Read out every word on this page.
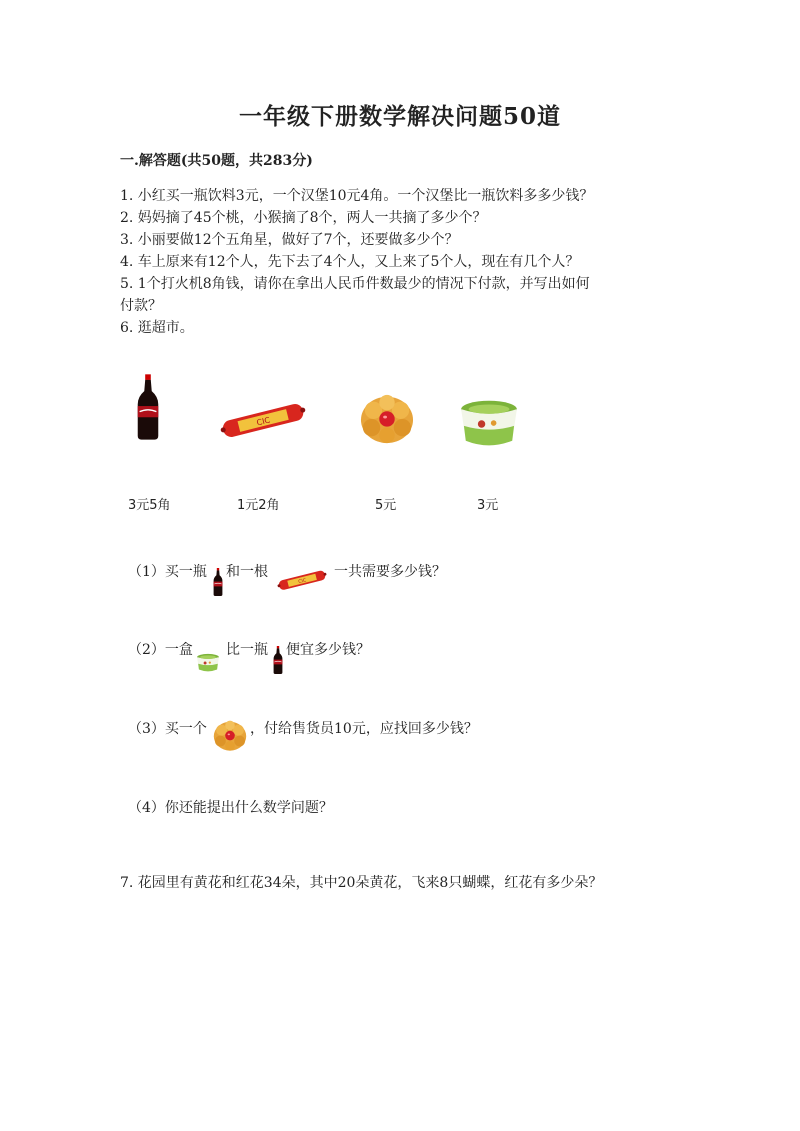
一年级下册数学解决问题50道
一.解答题(共50题，共283分)
1. 小红买一瓶饮料3元，一个汉堡10元4角。一个汉堡比一瓶饮料多多少钱？
2. 妈妈摘了45个桃，小猴摘了8个，两人一共摘了多少个？
3. 小丽要做12个五角星，做好了7个，还要做多少个？
4. 车上原来有12个人，先下去了4个人，又上来了5个人，现在有几个人？
5. 1个打火机8角钱，请你在拿出人民币件数最少的情况下付款，并写出如何
付款？
6. 逛超市。
3元5角	1元2角	5元	3元
（1）买一瓶 和一根	一共需要多少钱？
（2）一盒 比一瓶 便宜多少钱？
（3）买一个	，付给售货员10元，应找回多少钱？
（4）你还能提出什么数学问题？
7. 花园里有黄花和红花34朵，其中20朵黄花，飞来8只蝴蝶，红花有多少朵？
